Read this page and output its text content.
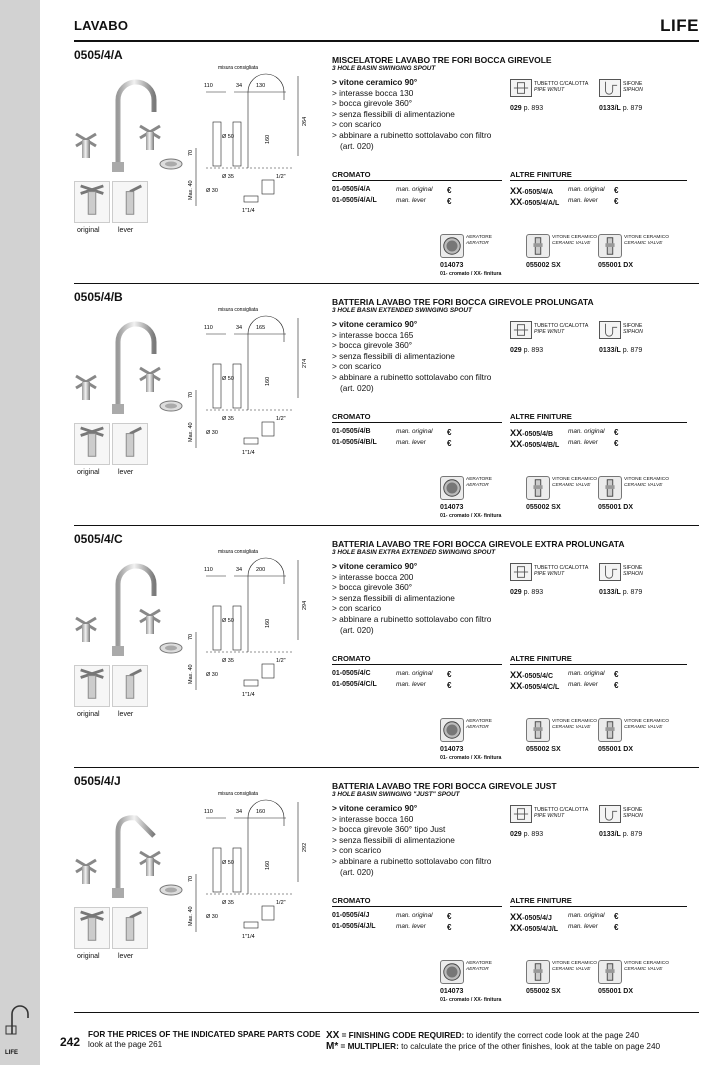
LIFE
LAVABO	LIFE
0505/4/A
original	lever
misura consigliata
110	34	130
264
Ø 50	160
70
Max. 40
Ø 35	1/2"
Ø 30
1"1/4
MISCELATORE LAVABO TRE FORI BOCCA GIREVOLE
3 HOLE BASIN SWINGING SPOUT
> vitone ceramico 90°
> interasse bocca 130
> bocca girevole 360°
> senza flessibili di alimentazione
> con scarico
> abbinare a rubinetto sottolavabo con filtro
(art. 020)
TUBETTO C/CALOTTA
PIPE W/NUT
029 p. 893
SIFONE
SIPHON
0133/L p. 879
CROMATO	ALTRE FINITURE
01-0505/4/A	man. original €
01-0505/4/A/L	man. lever	€
XX-0505/4/A man. original €
XX-0505/4/A/L man. lever €
AERATORE
AERATOR
014073
01- cromato / XX- finitura
VITONE CERAMICO
CERAMIC VALVE
055002 SX
VITONE CERAMICO
CERAMIC VALVE
055001 DX
0505/4/B
original	lever
misura consigliata
110	34	165
274
Ø 50	160
70
Max. 40
Ø 35	1/2"
Ø 30
1"1/4
BATTERIA LAVABO TRE FORI BOCCA GIREVOLE PROLUNGATA
3 HOLE BASIN EXTENDED SWINGING SPOUT
> vitone ceramico 90°
> interasse bocca 165
> bocca girevole 360°
> senza flessibili di alimentazione
> con scarico
> abbinare a rubinetto sottolavabo con filtro
(art. 020)
TUBETTO C/CALOTTA
PIPE W/NUT
029 p. 893
SIFONE
SIPHON
0133/L p. 879
CROMATO	ALTRE FINITURE
01-0505/4/B	man. original €
01-0505/4/B/L	man. lever	€
XX-0505/4/B man. original €
XX-0505/4/B/L man. lever €
AERATORE
AERATOR
014073
01- cromato / XX- finitura
VITONE CERAMICO
CERAMIC VALVE
055002 SX
VITONE CERAMICO
CERAMIC VALVE
055001 DX
0505/4/C
original	lever
misura consigliata
110	34	200
294
Ø 50	160
70
Max. 40
Ø 35	1/2"
Ø 30
1"1/4
BATTERIA LAVABO TRE FORI BOCCA GIREVOLE EXTRA PROLUNGATA
3 HOLE BASIN EXTRA EXTENDED SWINGING SPOUT
> vitone ceramico 90°
> interasse bocca 200
> bocca girevole 360°
> senza flessibili di alimentazione
> con scarico
> abbinare a rubinetto sottolavabo con filtro
(art. 020)
TUBETTO C/CALOTTA
PIPE W/NUT
029 p. 893
SIFONE
SIPHON
0133/L p. 879
CROMATO	ALTRE FINITURE
01-0505/4/C	man. original €
01-0505/4/C/L	man. lever	€
XX-0505/4/C man. original €
XX-0505/4/C/L man. lever €
AERATORE
AERATOR
014073
01- cromato / XX- finitura
VITONE CERAMICO
CERAMIC VALVE
055002 SX
VITONE CERAMICO
CERAMIC VALVE
055001 DX
0505/4/J
original	lever
misura consigliata
110	34	160
292
Ø 50	160
70
Max. 40
Ø 35	1/2"
Ø 30
1"1/4
BATTERIA LAVABO TRE FORI BOCCA GIREVOLE JUST
3 HOLE BASIN SWINGING "JUST" SPOUT
> vitone ceramico 90°
> interasse bocca 160
> bocca girevole 360° tipo Just
> senza flessibili di alimentazione
> con scarico
> abbinare a rubinetto sottolavabo con filtro
(art. 020)
TUBETTO C/CALOTTA
PIPE W/NUT
029 p. 893
SIFONE
SIPHON
0133/L p. 879
CROMATO	ALTRE FINITURE
01-0505/4/J	man. original €
01-0505/4/J/L	man. lever	€
XX-0505/4/J	man. original €
XX-0505/4/J/L man. lever €
AERATORE
AERATOR
014073
01- cromato / XX- finitura
VITONE CERAMICO
CERAMIC VALVE
055002 SX
VITONE CERAMICO
CERAMIC VALVE
055001 DX
242
FOR THE PRICES OF THE INDICATED SPARE PARTS CODE
look at the page 261
XX = FINISHING CODE REQUIRED: to identify the correct code look at the page 240
M* = MULTIPLIER: to calculate the price of the other finishes, look at the table on page 240
